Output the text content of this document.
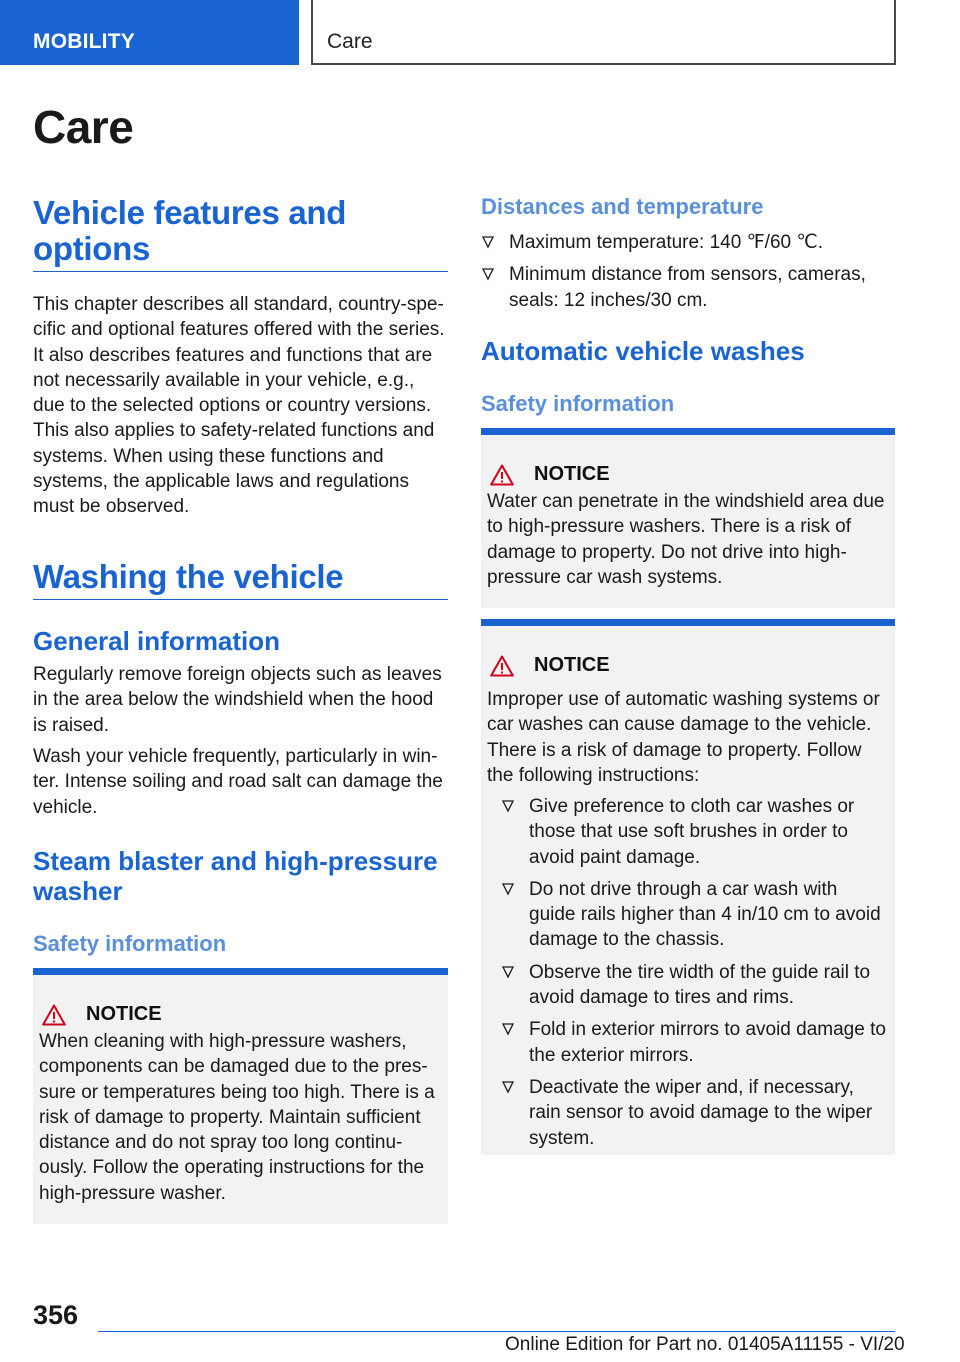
MOBILITY	Care
Care
Vehicle features and options
This chapter describes all standard, country-specific and optional features offered with the series. It also describes features and functions that are not necessarily available in your vehicle, e.g., due to the selected options or country versions. This also applies to safety-related functions and systems. When using these functions and systems, the applicable laws and regulations must be observed.
Washing the vehicle
General information
Regularly remove foreign objects such as leaves in the area below the windshield when the hood is raised.
Wash your vehicle frequently, particularly in winter. Intense soiling and road salt can damage the vehicle.
Steam blaster and high-pressure washer
Safety information
NOTICE
When cleaning with high-pressure washers, components can be damaged due to the pressure or temperatures being too high. There is a risk of damage to property. Maintain sufficient distance and do not spray too long continuously. Follow the operating instructions for the high-pressure washer.
Distances and temperature
Maximum temperature: 140 ℉/60 ℃.
Minimum distance from sensors, cameras, seals: 12 inches/30 cm.
Automatic vehicle washes
Safety information
NOTICE
Water can penetrate in the windshield area due to high-pressure washers. There is a risk of damage to property. Do not drive into high-pressure car wash systems.
NOTICE
Improper use of automatic washing systems or car washes can cause damage to the vehicle. There is a risk of damage to property. Follow the following instructions:
Give preference to cloth car washes or those that use soft brushes in order to avoid paint damage.
Do not drive through a car wash with guide rails higher than 4 in/10 cm to avoid damage to the chassis.
Observe the tire width of the guide rail to avoid damage to tires and rims.
Fold in exterior mirrors to avoid damage to the exterior mirrors.
Deactivate the wiper and, if necessary, rain sensor to avoid damage to the wiper system.
356
Online Edition for Part no. 01405A11155 - VI/20
